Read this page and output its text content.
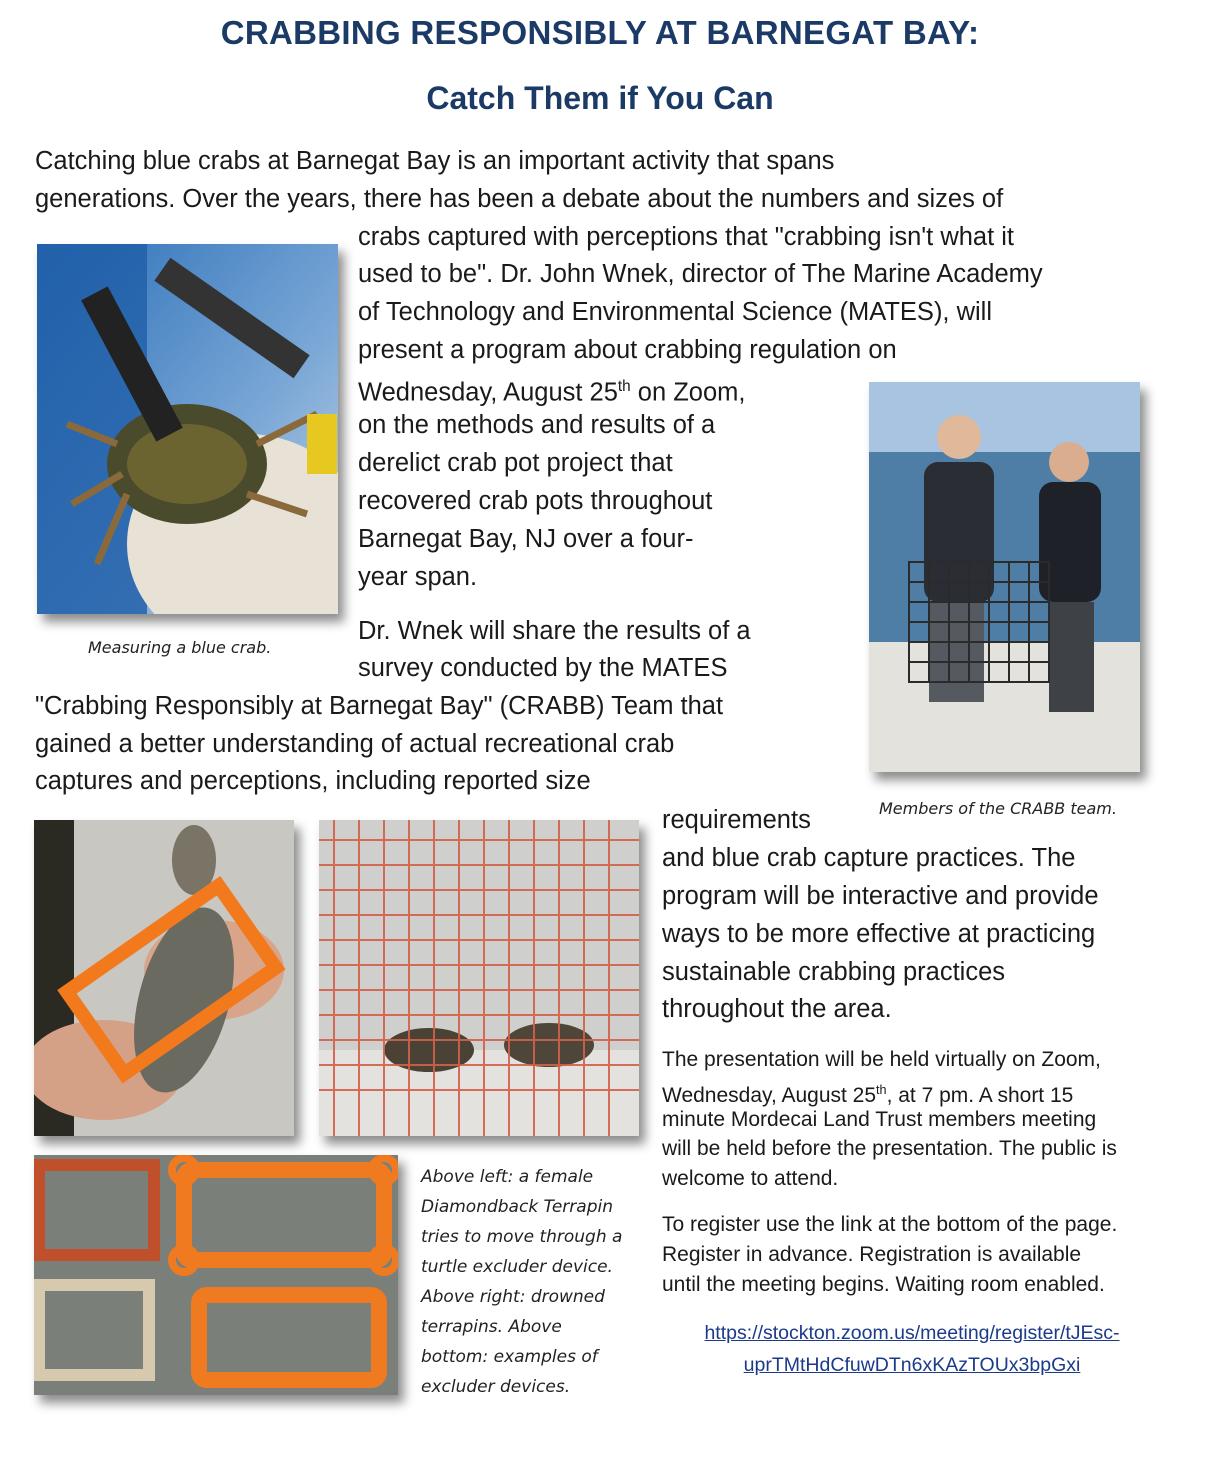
CRABBING RESPONSIBLY AT BARNEGAT BAY:
Catch Them if You Can
Catching blue crabs at Barnegat Bay is an important activity that spans
generations. Over the years, there has been a debate about the numbers and sizes of
crabs captured with perceptions that "crabbing isn't what it
used to be". Dr. John Wnek, director of The Marine Academy
of Technology and Environmental Science (MATES), will
present a program about crabbing regulation on
Wednesday, August 25th on Zoom,
on the methods and results of a
derelict crab pot project that
recovered crab pots throughout
Barnegat Bay, NJ over a four-
year span.
Dr. Wnek will share the results of a
survey conducted by the MATES
"Crabbing Responsibly at Barnegat Bay" (CRABB) Team that
gained a better understanding of actual recreational crab
captures and perceptions, including reported size
requirements
and blue crab capture practices. The
program will be interactive and provide
ways to be more effective at practicing
sustainable crabbing practices
throughout the area.
The presentation will be held virtually on Zoom,
Wednesday, August 25th, at 7 pm. A short 15
minute Mordecai Land Trust members meeting
will be held before the presentation. The public is
welcome to attend.
To register use the link at the bottom of the page.
Register in advance. Registration is available
until the meeting begins. Waiting room enabled.
https://stockton.zoom.us/meeting/register/tJEsc-
uprTMtHdCfuwDTn6xKAzTOUx3bpGxi
Measuring a blue crab.
Members of the CRABB team.
Above left: a female
Diamondback Terrapin
tries to move through a
turtle excluder device.
Above right: drowned
terrapins. Above
bottom: examples of
excluder devices.
